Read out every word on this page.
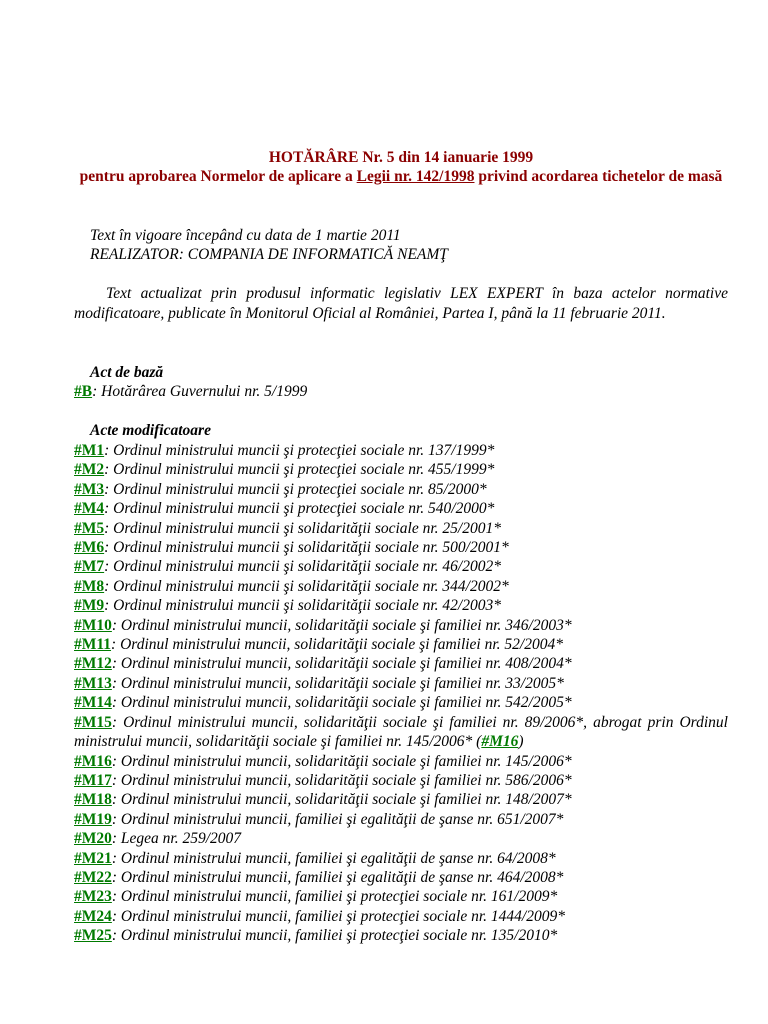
HOTĂRÂRE Nr. 5 din 14 ianuarie 1999
pentru aprobarea Normelor de aplicare a Legii nr. 142/1998 privind acordarea tichetelor de masă
Text în vigoare începând cu data de 1 martie 2011
REALIZATOR: COMPANIA DE INFORMATICĂ NEAMŢ
Text actualizat prin produsul informatic legislativ LEX EXPERT în baza actelor normative modificatoare, publicate în Monitorul Oficial al României, Partea I, până la 11 februarie 2011.
Act de bază
#B: Hotărârea Guvernului nr. 5/1999
Acte modificatoare
#M1: Ordinul ministrului muncii şi protecţiei sociale nr. 137/1999*
#M2: Ordinul ministrului muncii şi protecţiei sociale nr. 455/1999*
#M3: Ordinul ministrului muncii şi protecţiei sociale nr. 85/2000*
#M4: Ordinul ministrului muncii şi protecţiei sociale nr. 540/2000*
#M5: Ordinul ministrului muncii şi solidarităţii sociale nr. 25/2001*
#M6: Ordinul ministrului muncii şi solidarităţii sociale nr. 500/2001*
#M7: Ordinul ministrului muncii şi solidarităţii sociale nr. 46/2002*
#M8: Ordinul ministrului muncii şi solidarităţii sociale nr. 344/2002*
#M9: Ordinul ministrului muncii şi solidarităţii sociale nr. 42/2003*
#M10: Ordinul ministrului muncii, solidarităţii sociale şi familiei nr. 346/2003*
#M11: Ordinul ministrului muncii, solidarităţii sociale şi familiei nr. 52/2004*
#M12: Ordinul ministrului muncii, solidarităţii sociale şi familiei nr. 408/2004*
#M13: Ordinul ministrului muncii, solidarităţii sociale şi familiei nr. 33/2005*
#M14: Ordinul ministrului muncii, solidarităţii sociale şi familiei nr. 542/2005*
#M15: Ordinul ministrului muncii, solidarităţii sociale şi familiei nr. 89/2006*, abrogat prin Ordinul ministrului muncii, solidarităţii sociale şi familiei nr. 145/2006* (#M16)
#M16: Ordinul ministrului muncii, solidarităţii sociale şi familiei nr. 145/2006*
#M17: Ordinul ministrului muncii, solidarităţii sociale şi familiei nr. 586/2006*
#M18: Ordinul ministrului muncii, solidarităţii sociale şi familiei nr. 148/2007*
#M19: Ordinul ministrului muncii, familiei şi egalităţii de şanse nr. 651/2007*
#M20: Legea nr. 259/2007
#M21: Ordinul ministrului muncii, familiei şi egalităţii de şanse nr. 64/2008*
#M22: Ordinul ministrului muncii, familiei şi egalităţii de şanse nr. 464/2008*
#M23: Ordinul ministrului muncii, familiei şi protecţiei sociale nr. 161/2009*
#M24: Ordinul ministrului muncii, familiei şi protecţiei sociale nr. 1444/2009*
#M25: Ordinul ministrului muncii, familiei şi protecţiei sociale nr. 135/2010*
